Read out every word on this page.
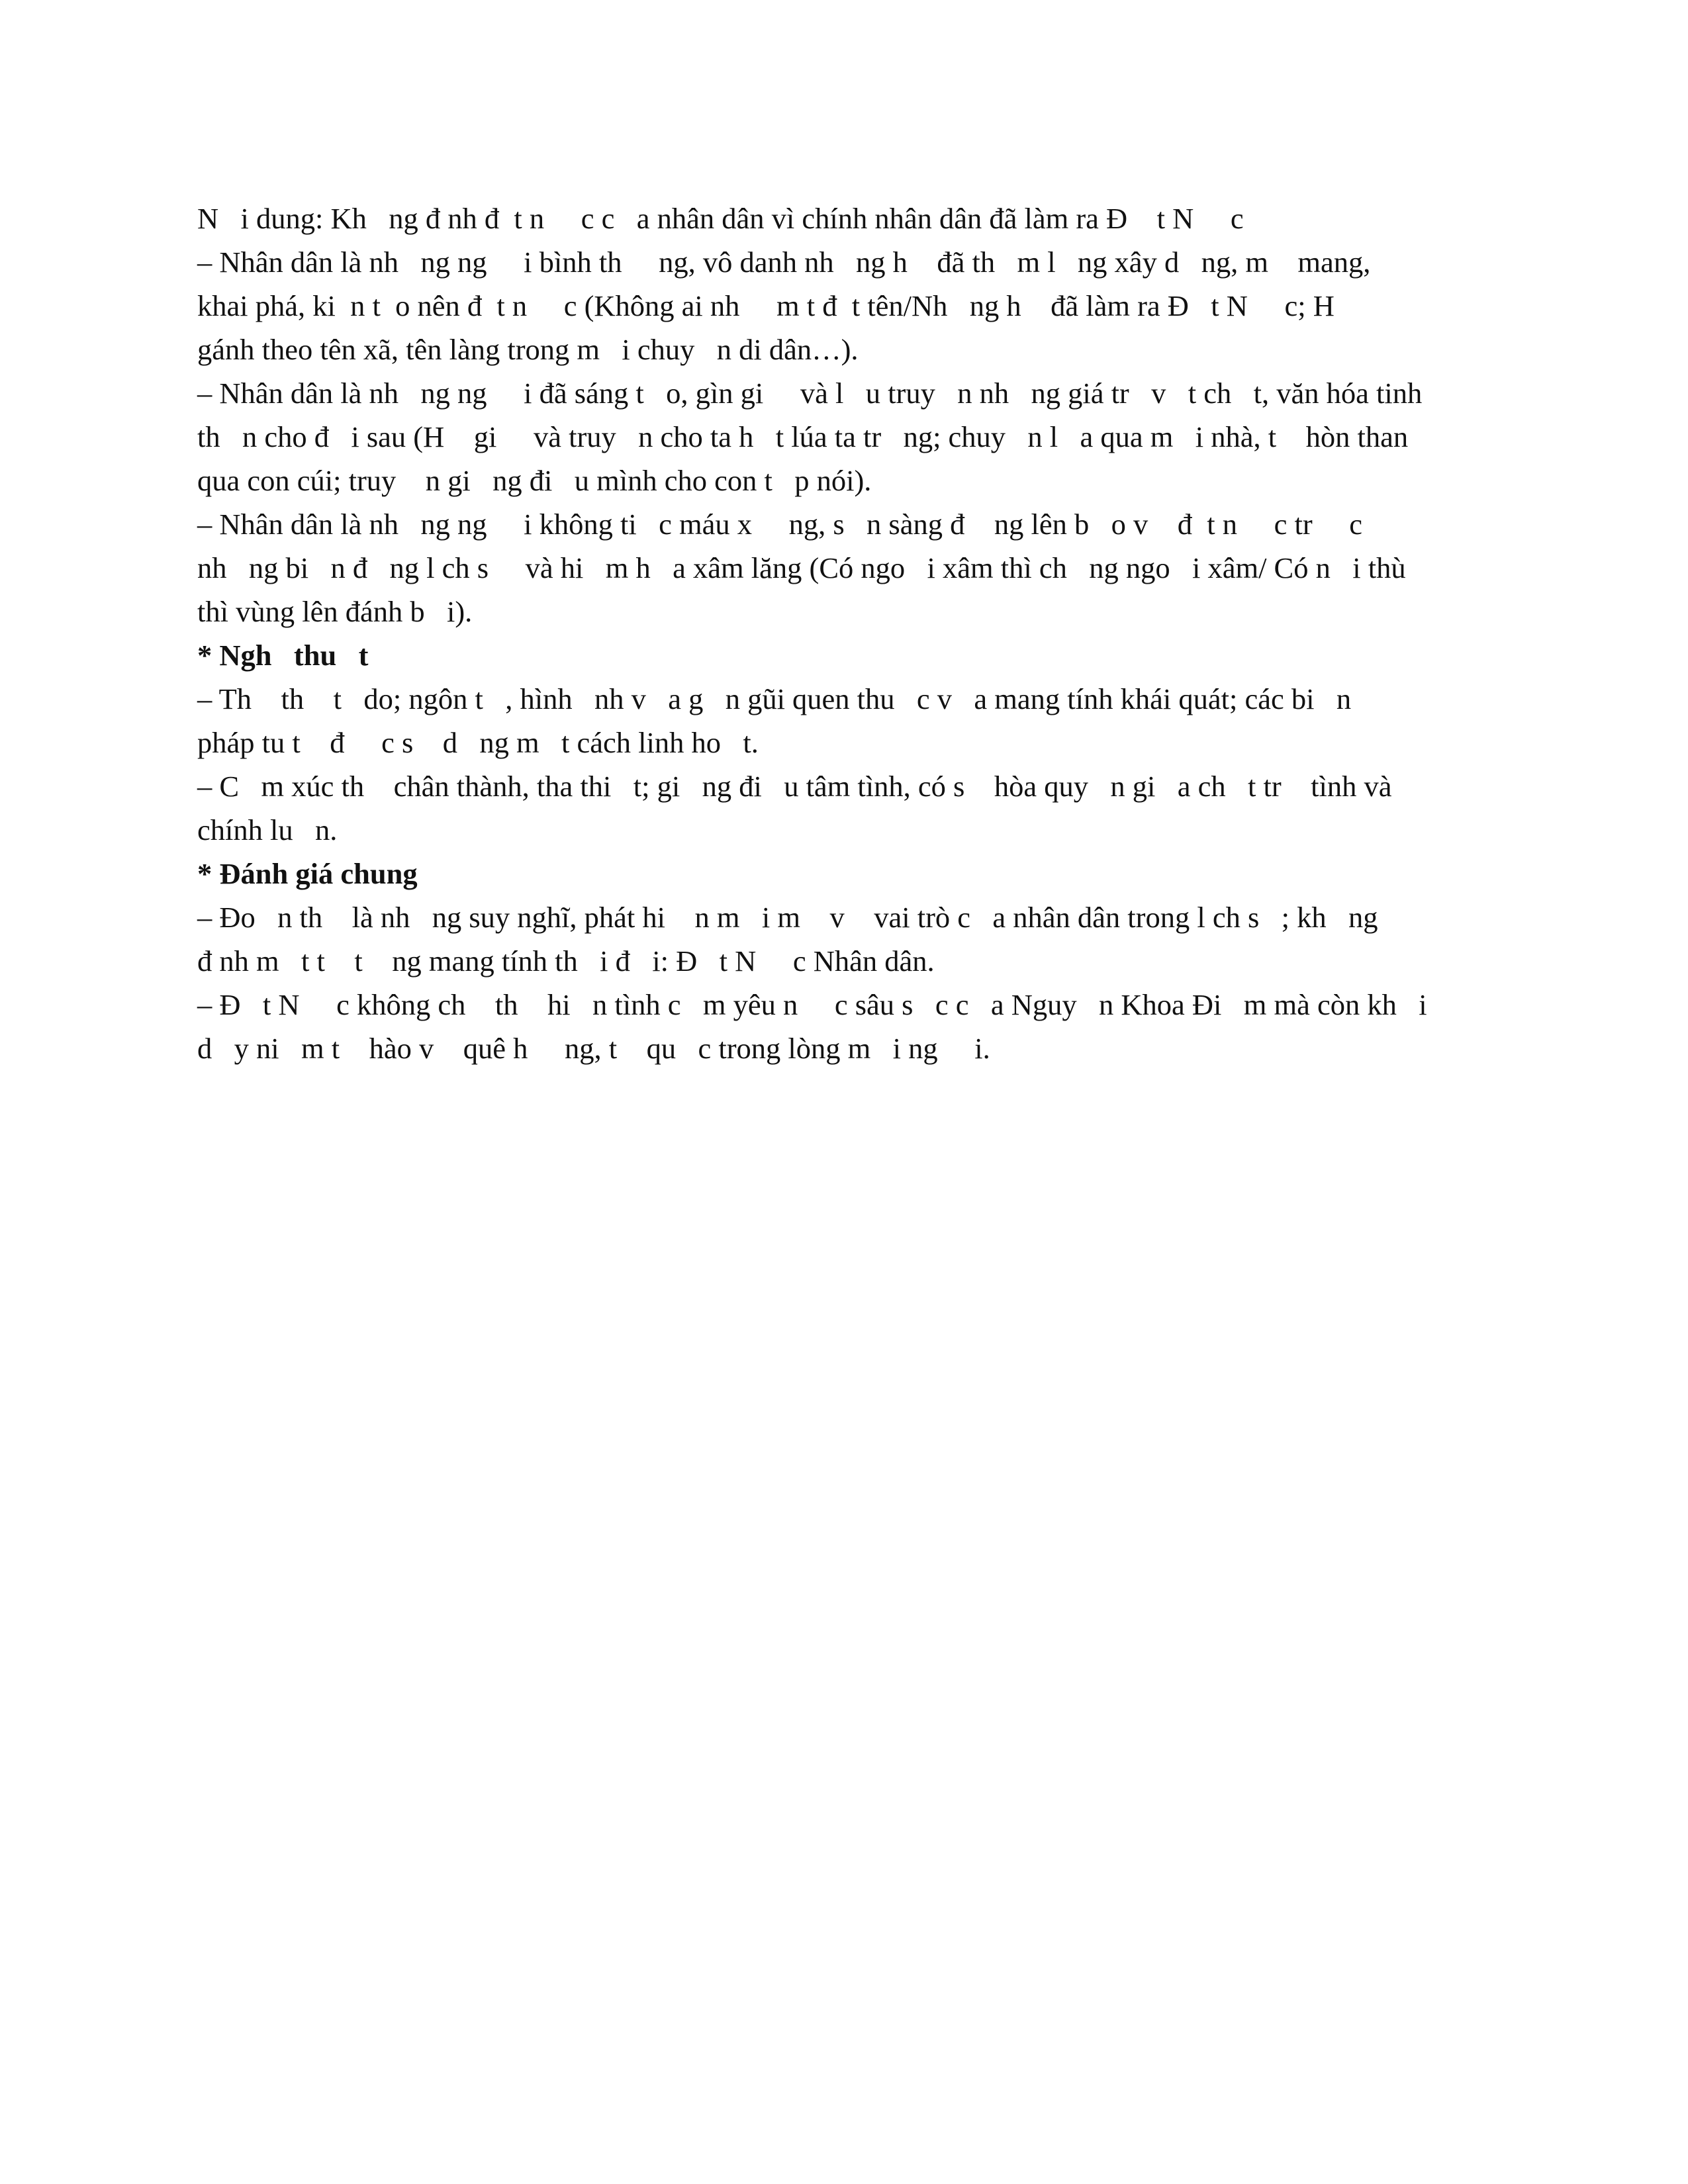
N   i dung: Kh   ng đ nh đ  t n     c c   a nhân dân vì chính nhân dân đã làm ra Đ    t N     c
– Nhân dân là nh   ng ng     i bình th     ng, vô danh nh   ng h    đã th   m l   ng xây d   ng, m    mang,
khai phá, ki  n t  o nên đ  t n     c (Không ai nh     m t đ  t tên/Nh   ng h    đã làm ra Đ   t N     c; H
gánh theo tên xã, tên làng trong m   i chuy   n di dân…).
– Nhân dân là nh   ng ng     i đã sáng t   o, gìn gi     và l   u truy   n nh   ng giá tr   v   t ch   t, văn hóa tinh
th   n cho đ   i sau (H    gi     và truy   n cho ta h   t lúa ta tr   ng; chuy   n l   a qua m   i nhà, t    hòn than
qua con cúi; truy    n gi   ng đi   u mình cho con t   p nói).
– Nhân dân là nh   ng ng     i không ti   c máu x     ng, s   n sàng đ    ng lên b   o v    đ  t n     c tr     c
nh   ng bi   n đ   ng l ch s     và hi   m h   a xâm lăng (Có ngo   i xâm thì ch   ng ngo   i xâm/ Có n   i thù
thì vùng lên đánh b   i).
* Ngh   thu   t
– Th    th    t   do; ngôn t   , hình   nh v   a g   n gũi quen thu   c v   a mang tính khái quát; các bi   n
pháp tu t    đ     c s    d   ng m   t cách linh ho   t.
– C   m xúc th    chân thành, tha thi   t; gi   ng đi   u tâm tình, có s    hòa quy   n gi   a ch   t tr    tình và
chính lu   n.
* Đánh giá chung
– Đo   n th    là nh   ng suy nghĩ, phát hi    n m   i m    v    vai trò c   a nhân dân trong l ch s   ; kh   ng
đ nh m   t t    t    ng mang tính th   i đ   i: Đ   t N     c Nhân dân.
– Đ   t N     c không ch    th    hi   n tình c   m yêu n     c sâu s   c c   a Nguy   n Khoa Đi   m mà còn kh   i
d   y ni   m t    hào v    quê h     ng, t    qu   c trong lòng m   i ng     i.
